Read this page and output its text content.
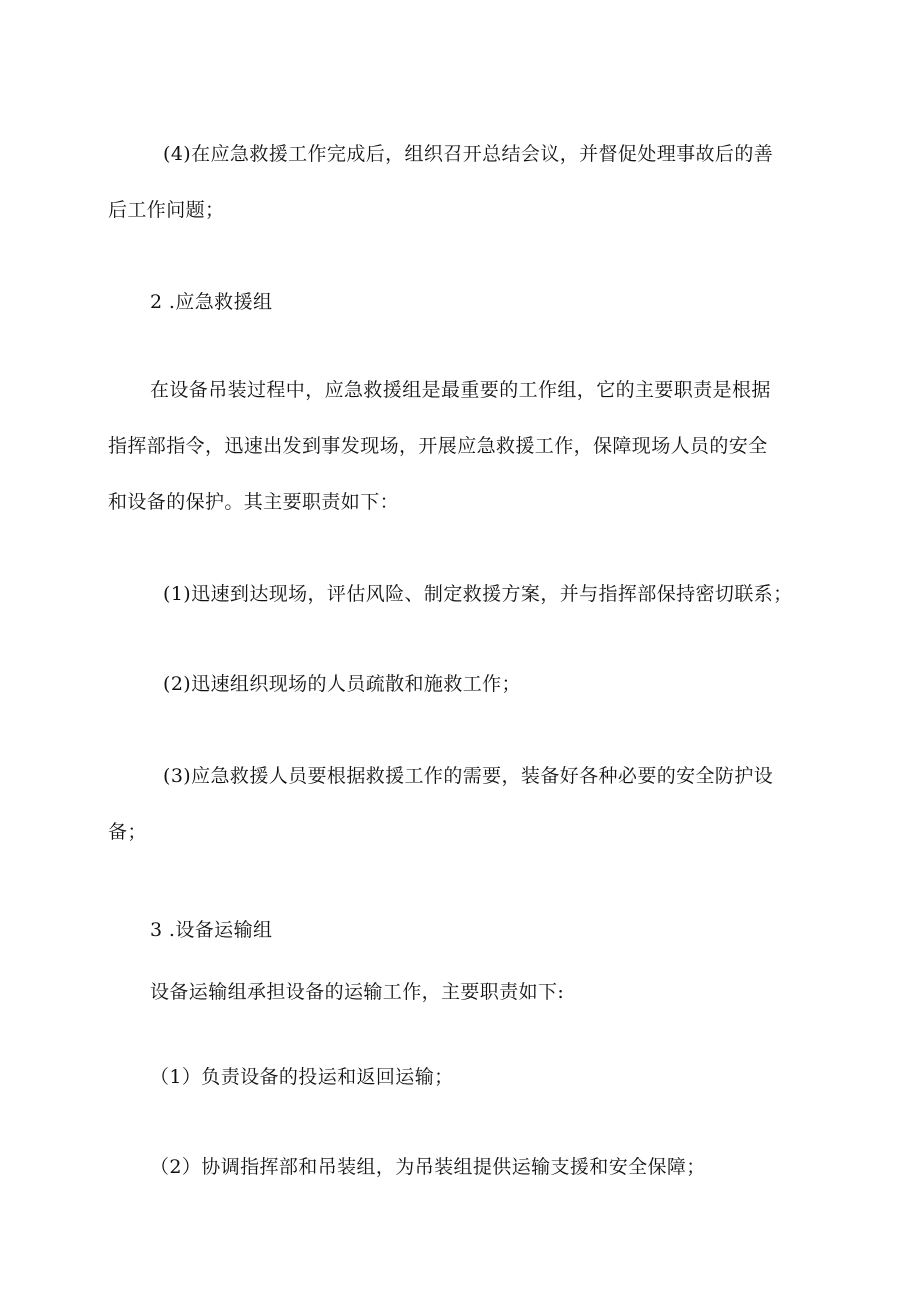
(4)在应急救援工作完成后，组织召开总结会议，并督促处理事故后的善
后工作问题；
2 .应急救援组
在设备吊装过程中，应急救援组是最重要的工作组，它的主要职责是根据
指挥部指令，迅速出发到事发现场，开展应急救援工作，保障现场人员的安全
和设备的保护。其主要职责如下：
(1)迅速到达现场，评估风险、制定救援方案，并与指挥部保持密切联系；
(2)迅速组织现场的人员疏散和施救工作；
(3)应急救援人员要根据救援工作的需要，装备好各种必要的安全防护设
备；
3 .设备运输组
设备运输组承担设备的运输工作，主要职责如下:
（1）负责设备的投运和返回运输；
（2）协调指挥部和吊装组，为吊装组提供运输支援和安全保障；
